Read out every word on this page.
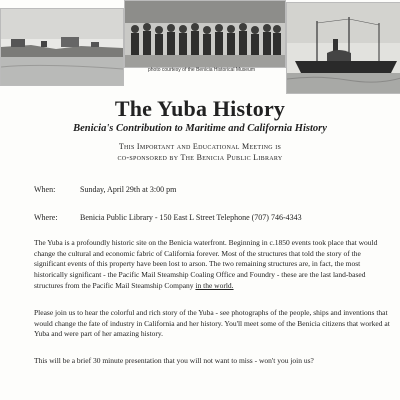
photo courtesy of the Benicia Historical Museum
The Yuba History
Benicia's Contribution to Maritime and California History
This Important and Educational Meeting is
co-sponsored by The Benicia Public Library
When:	Sunday, April 29th at 3:00 pm
Where:	Benicia Public Library - 150 East L Street Telephone (707) 746-4343
The Yuba is a profoundly historic site on the Benicia waterfront. Beginning in c.1850 events took place that would change the cultural and economic fabric of California forever. Most of the structures that told the story of the significant events of this property have been lost to arson. The two remaining structures are, in fact, the most historically significant - the Pacific Mail Steamship Coaling Office and Foundry - these are the last land-based structures from the Pacific Mail Steamship Company in the world.
Please join us to hear the colorful and rich story of the Yuba - see photographs of the people, ships and inventions that would change the fate of industry in California and her history. You'll meet some of the Benicia citizens that worked at Yuba and were part of her amazing history.
This will be a brief 30 minute presentation that you will not want to miss - won't you join us?
